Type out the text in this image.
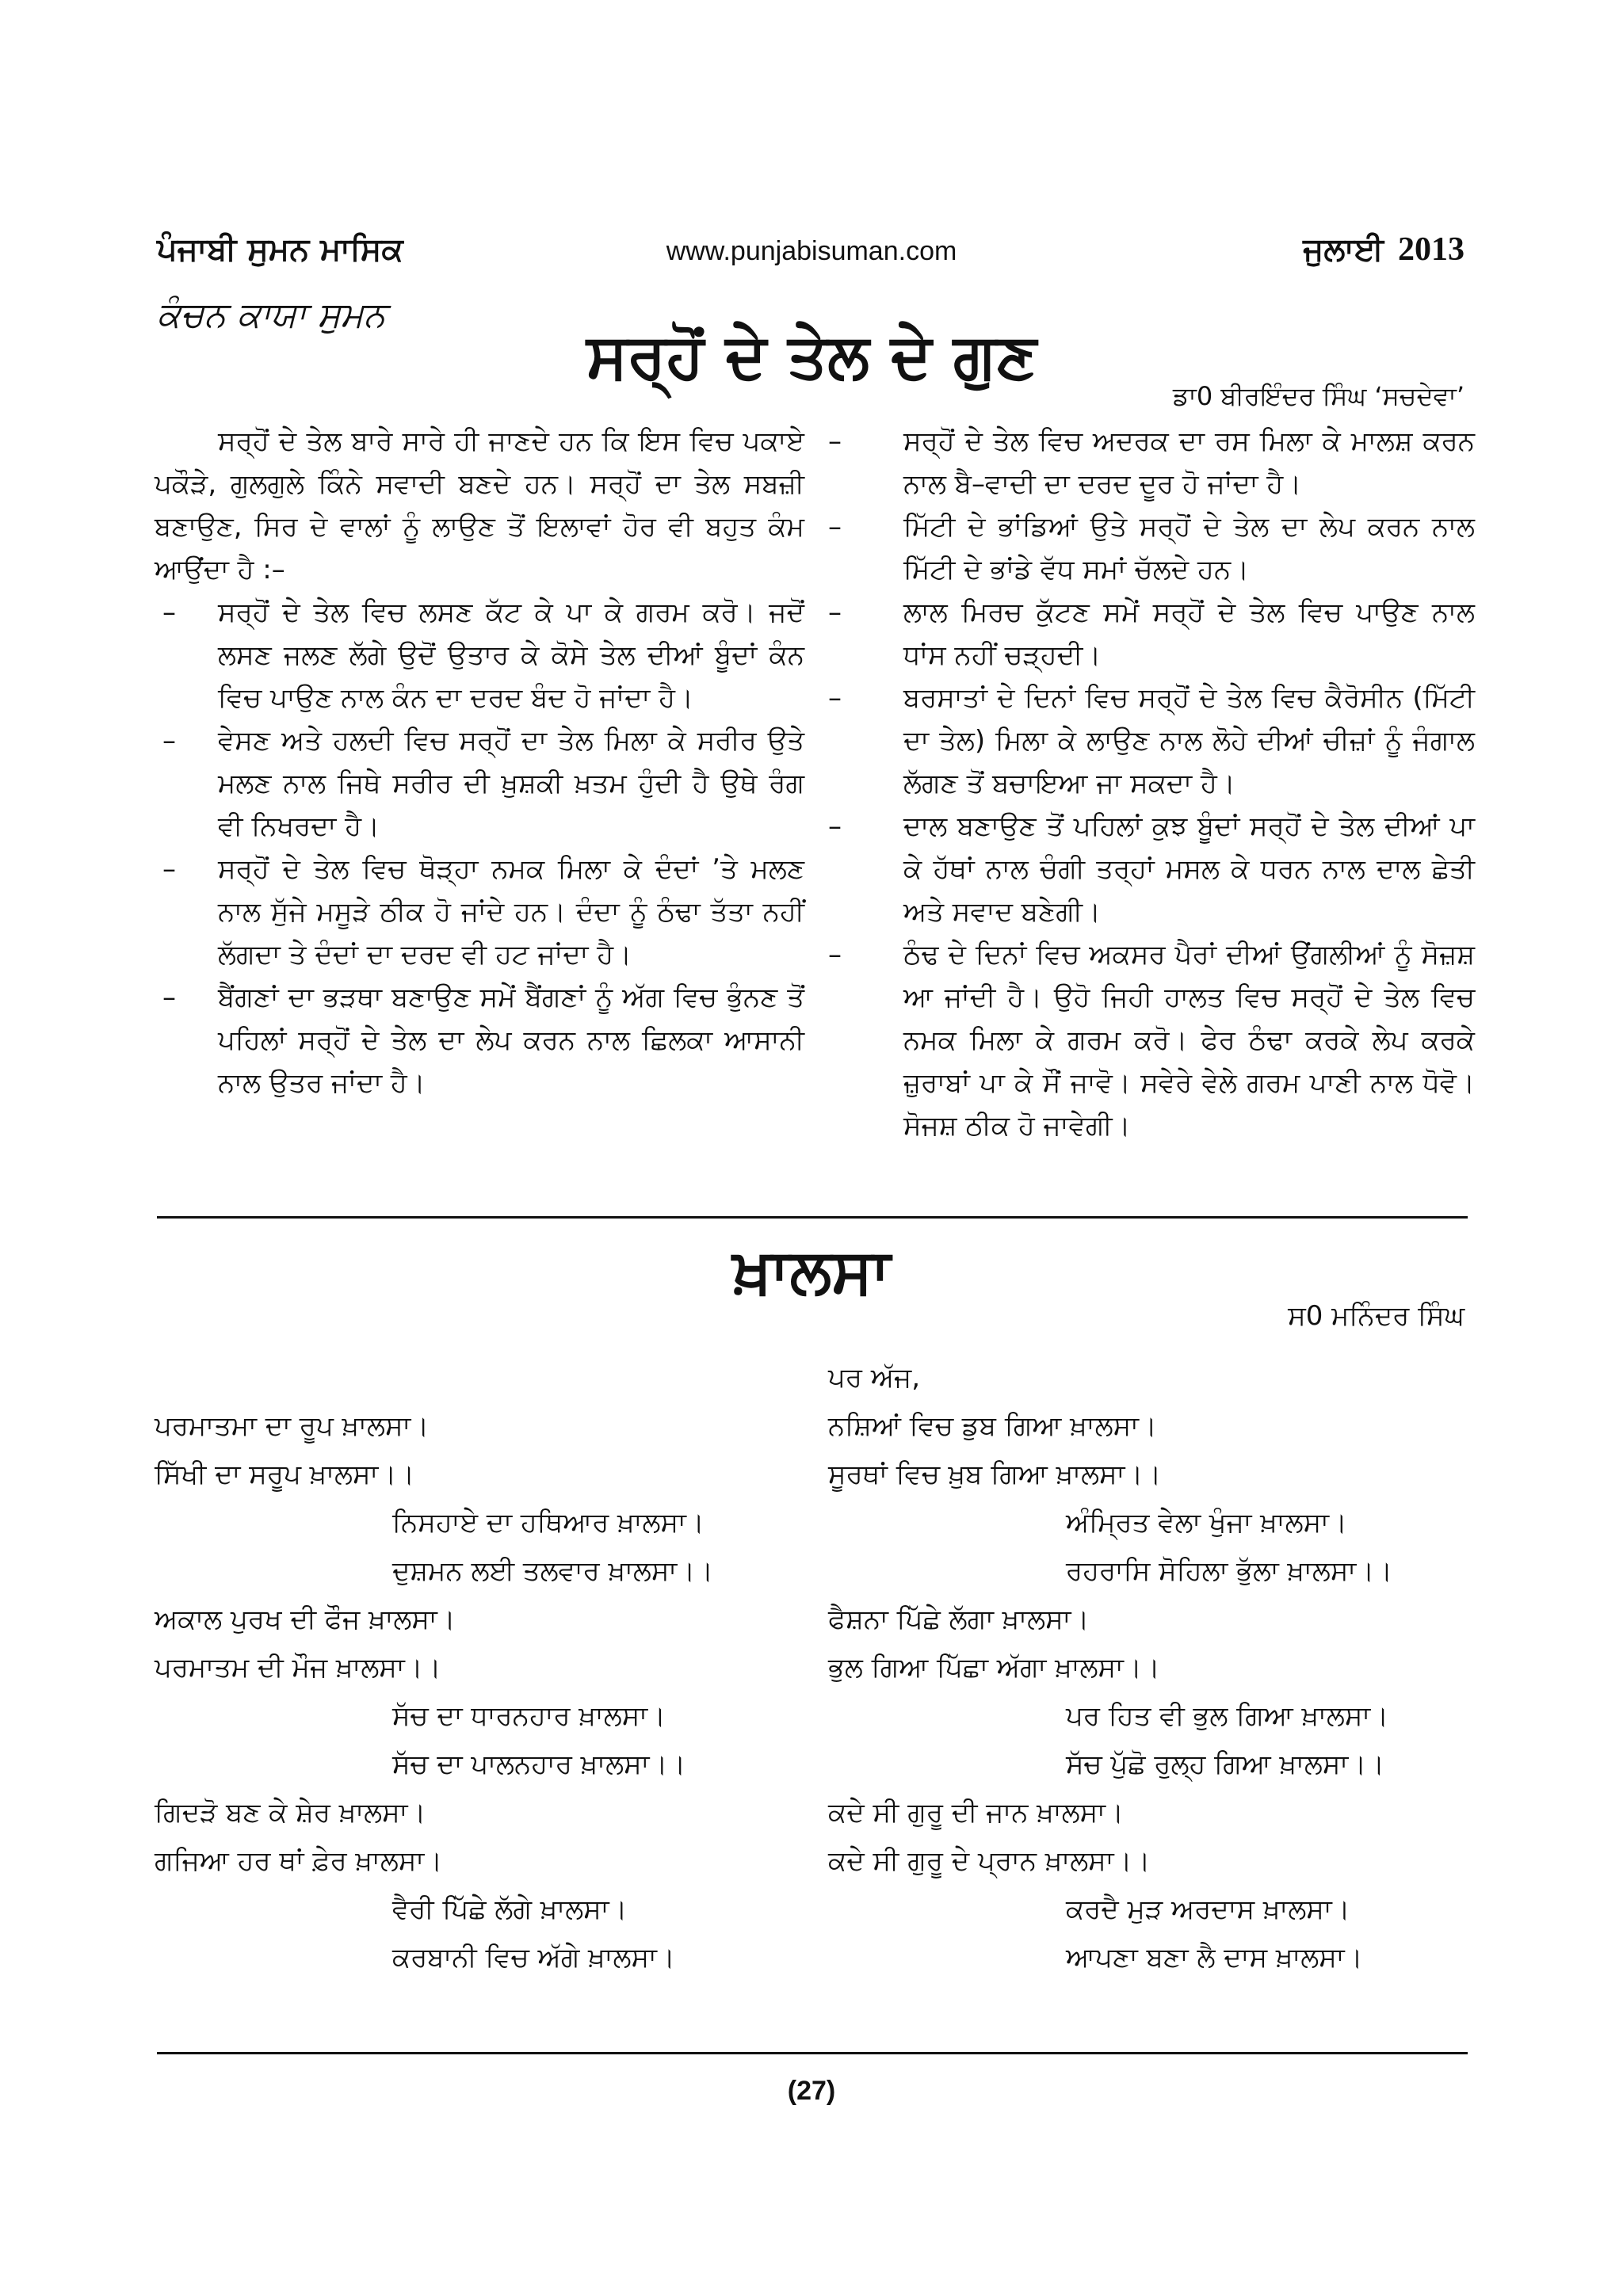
ਪੰਜਾਬੀ ਸੁਮਨ ਮਾਸਿਕ	www.punjabisuman.com	ਜੁਲਾਈ 2013
ਕੰਚਨ ਕਾਯਾ ਸੁਮਨ
ਸਰ੍ਹੋਂ ਦੇ ਤੇਲ ਦੇ ਗੁਣ
ਡਾ0 ਬੀਰਇੰਦਰ ਸਿੰਘ ‘ਸਚਦੇਵਾ’

ਸਰ੍ਹੋਂ ਦੇ ਤੇਲ ਬਾਰੇ ਸਾਰੇ ਹੀ ਜਾਣਦੇ ਹਨ ਕਿ ਇਸ ਵਿਚ ਪਕਾਏ ਪਕੌੜੇ, ਗੁਲਗੁਲੇ ਕਿੰਨੇ ਸਵਾਦੀ ਬਣਦੇ ਹਨ। ਸਰ੍ਹੋਂ ਦਾ ਤੇਲ ਸਬਜ਼ੀ ਬਣਾਉਣ, ਸਿਰ ਦੇ ਵਾਲਾਂ ਨੂੰ ਲਾਉਣ ਤੋਂ ਇਲਾਵਾਂ ਹੋਰ ਵੀ ਬਹੁਤ ਕੰਮ ਆਉਂਦਾ ਹੈ :–

– ਸਰ੍ਹੋਂ ਦੇ ਤੇਲ ਵਿਚ ਲਸਣ ਕੱਟ ਕੇ ਪਾ ਕੇ ਗਰਮ ਕਰੋ। ਜਦੋਂ ਲਸਣ ਜਲਣ ਲੱਗੇ ਉਦੋਂ ਉਤਾਰ ਕੇ ਕੋਸੇ ਤੇਲ ਦੀਆਂ ਬੂੰਦਾਂ ਕੰਨ ਵਿਚ ਪਾਉਣ ਨਾਲ ਕੰਨ ਦਾ ਦਰਦ ਬੰਦ ਹੋ ਜਾਂਦਾ ਹੈ।

– ਵੇਸਣ ਅਤੇ ਹਲਦੀ ਵਿਚ ਸਰ੍ਹੋਂ ਦਾ ਤੇਲ ਮਿਲਾ ਕੇ ਸਰੀਰ ਉਤੇ ਮਲਣ ਨਾਲ ਜਿਥੇ ਸਰੀਰ ਦੀ ਖ਼ੁਸ਼ਕੀ ਖ਼ਤਮ ਹੁੰਦੀ ਹੈ ਉਥੇ ਰੰਗ ਵੀ ਨਿਖਰਦਾ ਹੈ।

– ਸਰ੍ਹੋਂ ਦੇ ਤੇਲ ਵਿਚ ਥੋੜ੍ਹਾ ਨਮਕ ਮਿਲਾ ਕੇ ਦੰਦਾਂ ’ਤੇ ਮਲਣ ਨਾਲ ਸੁੱਜੇ ਮਸੂੜੇ ਠੀਕ ਹੋ ਜਾਂਦੇ ਹਨ। ਦੰਦਾ ਨੂੰ ਠੰਢਾ ਤੱਤਾ ਨਹੀਂ ਲੱਗਦਾ ਤੇ ਦੰਦਾਂ ਦਾ ਦਰਦ ਵੀ ਹਟ ਜਾਂਦਾ ਹੈ।

– ਬੈਂਗਣਾਂ ਦਾ ਭੜਥਾ ਬਣਾਉਣ ਸਮੇਂ ਬੈਂਗਣਾਂ ਨੂੰ ਅੱਗ ਵਿਚ ਭੁੰਨਣ ਤੋਂ ਪਹਿਲਾਂ ਸਰ੍ਹੋਂ ਦੇ ਤੇਲ ਦਾ ਲੇਪ ਕਰਨ ਨਾਲ ਛਿਲਕਾ ਆਸਾਨੀ ਨਾਲ ਉਤਰ ਜਾਂਦਾ ਹੈ।

– ਸਰ੍ਹੋਂ ਦੇ ਤੇਲ ਵਿਚ ਅਦਰਕ ਦਾ ਰਸ ਮਿਲਾ ਕੇ ਮਾਲਸ਼ ਕਰਨ ਨਾਲ ਬੈ–ਵਾਦੀ ਦਾ ਦਰਦ ਦੂਰ ਹੋ ਜਾਂਦਾ ਹੈ।

– ਮਿੱਟੀ ਦੇ ਭਾਂਡਿਆਂ ਉਤੇ ਸਰ੍ਹੋਂ ਦੇ ਤੇਲ ਦਾ ਲੇਪ ਕਰਨ ਨਾਲ ਮਿੱਟੀ ਦੇ ਭਾਂਡੇ ਵੱਧ ਸਮਾਂ ਚੱਲਦੇ ਹਨ।

– ਲਾਲ ਮਿਰਚ ਕੁੱਟਣ ਸਮੇਂ ਸਰ੍ਹੋਂ ਦੇ ਤੇਲ ਵਿਚ ਪਾਉਣ ਨਾਲ ਧਾਂਸ ਨਹੀਂ ਚੜ੍ਹਦੀ।

– ਬਰਸਾਤਾਂ ਦੇ ਦਿਨਾਂ ਵਿਚ ਸਰ੍ਹੋਂ ਦੇ ਤੇਲ ਵਿਚ ਕੈਰੋਸੀਨ (ਮਿੱਟੀ ਦਾ ਤੇਲ) ਮਿਲਾ ਕੇ ਲਾਉਣ ਨਾਲ ਲੋਹੇ ਦੀਆਂ ਚੀਜ਼ਾਂ ਨੂੰ ਜੰਗਾਲ ਲੱਗਣ ਤੋਂ ਬਚਾਇਆ ਜਾ ਸਕਦਾ ਹੈ।

– ਦਾਲ ਬਣਾਉਣ ਤੋਂ ਪਹਿਲਾਂ ਕੁਝ ਬੂੰਦਾਂ ਸਰ੍ਹੋਂ ਦੇ ਤੇਲ ਦੀਆਂ ਪਾ ਕੇ ਹੱਥਾਂ ਨਾਲ ਚੰਗੀ ਤਰ੍ਹਾਂ ਮਸਲ ਕੇ ਧਰਨ ਨਾਲ ਦਾਲ ਛੇਤੀ ਅਤੇ ਸਵਾਦ ਬਣੇਗੀ।

– ਠੰਢ ਦੇ ਦਿਨਾਂ ਵਿਚ ਅਕਸਰ ਪੈਰਾਂ ਦੀਆਂ ਉਂਗਲੀਆਂ ਨੂੰ ਸੋਜ਼ਸ਼ ਆ ਜਾਂਦੀ ਹੈ। ਉਹੋ ਜਿਹੀ ਹਾਲਤ ਵਿਚ ਸਰ੍ਹੋਂ ਦੇ ਤੇਲ ਵਿਚ ਨਮਕ ਮਿਲਾ ਕੇ ਗਰਮ ਕਰੋ। ਫੇਰ ਠੰਢਾ ਕਰਕੇ ਲੇਪ ਕਰਕੇ ਜ਼ੁਰਾਬਾਂ ਪਾ ਕੇ ਸੌਂ ਜਾਵੋ। ਸਵੇਰੇ ਵੇਲੇ ਗਰਮ ਪਾਣੀ ਨਾਲ ਧੋਵੋ। ਸੋਜਸ਼ ਠੀਕ ਹੋ ਜਾਵੇਗੀ।

ਖ਼ਾਲਸਾ
ਸ0 ਮਨਿੰਦਰ ਸਿੰਘ
ਪਰਮਾਤਮਾ ਦਾ ਰੂਪ ਖ਼ਾਲਸਾ।
ਸਿੱਖੀ ਦਾ ਸਰੂਪ ਖ਼ਾਲਸਾ।।
ਨਿਸਹਾਏ ਦਾ ਹਥਿਆਰ ਖ਼ਾਲਸਾ।
ਦੁਸ਼ਮਨ ਲਈ ਤਲਵਾਰ ਖ਼ਾਲਸਾ।।
ਅਕਾਲ ਪੁਰਖ ਦੀ ਫੌਜ ਖ਼ਾਲਸਾ।
ਪਰਮਾਤਮ ਦੀ ਮੌਜ ਖ਼ਾਲਸਾ।।
ਸੱਚ ਦਾ ਧਾਰਨਹਾਰ ਖ਼ਾਲਸਾ।
ਸੱਚ ਦਾ ਪਾਲਨਹਾਰ ਖ਼ਾਲਸਾ।।
ਗਿਦੜੋ ਬਣ ਕੇ ਸ਼ੇਰ ਖ਼ਾਲਸਾ।
ਗਜਿਆ ਹਰ ਥਾਂ ਫ਼ੇਰ ਖ਼ਾਲਸਾ।
ਵੈਰੀ ਪਿੱਛੇ ਲੱਗੇ ਖ਼ਾਲਸਾ।
ਕਰਬਾਨੀ ਵਿਚ ਅੱਗੇ ਖ਼ਾਲਸਾ।
ਪਰ ਅੱਜ,
ਨਸ਼ਿਆਂ ਵਿਚ ਡੁਬ ਗਿਆ ਖ਼ਾਲਸਾ।
ਸੂਰਥਾਂ ਵਿਚ ਖ਼ੁਬ ਗਿਆ ਖ਼ਾਲਸਾ।।
ਅੰਮ੍ਰਿਤ ਵੇਲਾ ਖੁੰਜਾ ਖ਼ਾਲਸਾ।
ਰਹਰਾਸਿ ਸੋਹਿਲਾ ਭੁੱਲਾ ਖ਼ਾਲਸਾ।।
ਫੈਸ਼ਨਾ ਪਿੱਛੇ ਲੱਗਾ ਖ਼ਾਲਸਾ।
ਭੁਲ ਗਿਆ ਪਿੱਛਾ ਅੱਗਾ ਖ਼ਾਲਸਾ।।
ਪਰ ਹਿਤ ਵੀ ਭੁਲ ਗਿਆ ਖ਼ਾਲਸਾ।
ਸੱਚ ਪੁੱਛੋ ਰੁਲ੍ਹ ਗਿਆ ਖ਼ਾਲਸਾ।।
ਕਦੇ ਸੀ ਗੁਰੂ ਦੀ ਜਾਨ ਖ਼ਾਲਸਾ।
ਕਦੇ ਸੀ ਗੁਰੂ ਦੇ ਪ੍ਰਾਨ ਖ਼ਾਲਸਾ।।
ਕਰਦੈ ਮੁੜ ਅਰਦਾਸ ਖ਼ਾਲਸਾ।
ਆਪਣਾ ਬਣਾ ਲੈ ਦਾਸ ਖ਼ਾਲਸਾ।
(27)
